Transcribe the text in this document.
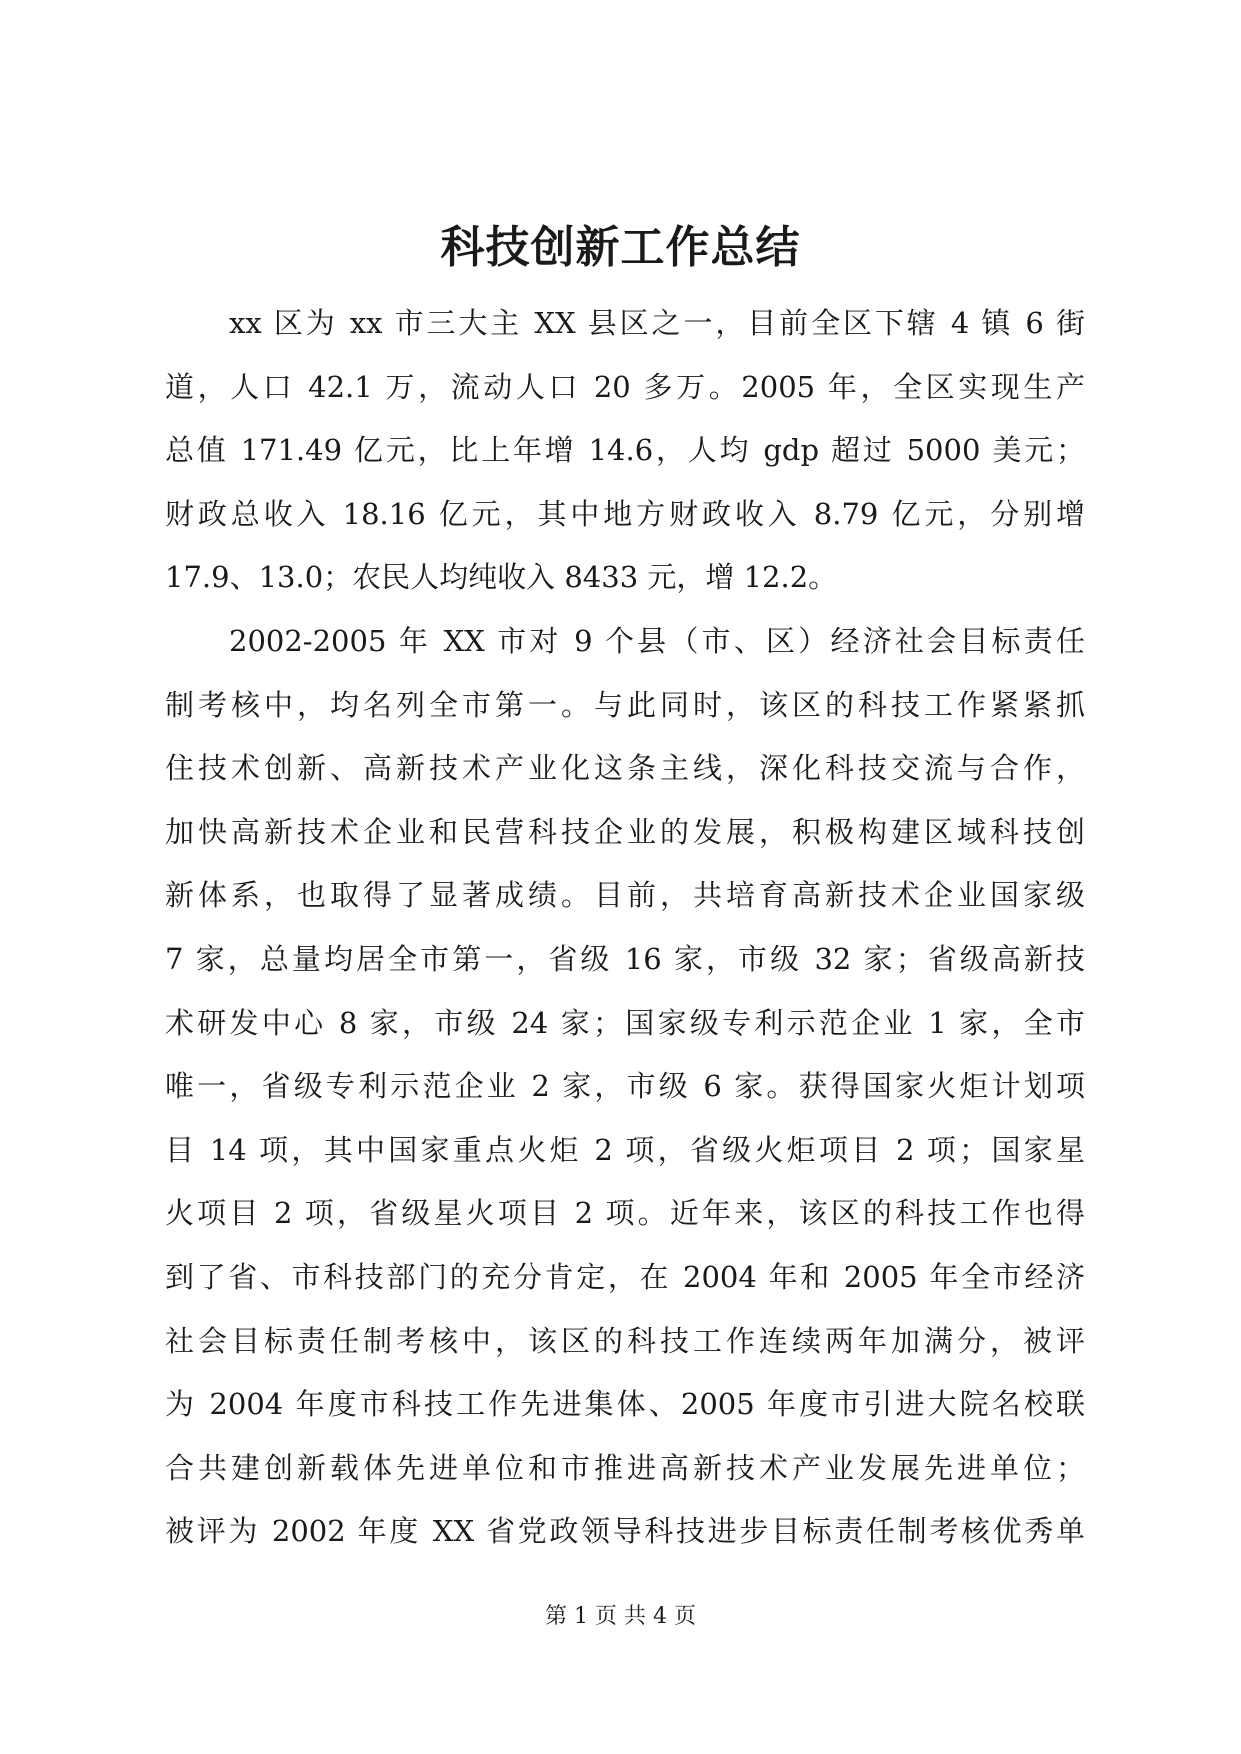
科技创新工作总结
xx 区为 xx 市三大主 XX 县区之一，目前全区下辖 4 镇 6 街
道，人口 42.1 万，流动人口 20 多万。2005 年，全区实现生产
总值 171.49 亿元，比上年增 14.6，人均 gdp 超过 5000 美元；
财政总收入 18.16 亿元，其中地方财政收入 8.79 亿元，分别增
17.9、13.0；农民人均纯收入 8433 元，增 12.2。
2002-2005 年 XX 市对 9 个县（市、区）经济社会目标责任
制考核中，均名列全市第一。与此同时，该区的科技工作紧紧抓
住技术创新、高新技术产业化这条主线，深化科技交流与合作，
加快高新技术企业和民营科技企业的发展，积极构建区域科技创
新体系，也取得了显著成绩。目前，共培育高新技术企业国家级
7 家，总量均居全市第一，省级 16 家，市级 32 家；省级高新技
术研发中心 8 家，市级 24 家；国家级专利示范企业 1 家，全市
唯一，省级专利示范企业 2 家，市级 6 家。获得国家火炬计划项
目 14 项，其中国家重点火炬 2 项，省级火炬项目 2 项；国家星
火项目 2 项，省级星火项目 2 项。近年来，该区的科技工作也得
到了省、市科技部门的充分肯定，在 2004 年和 2005 年全市经济
社会目标责任制考核中，该区的科技工作连续两年加满分，被评
为 2004 年度市科技工作先进集体、2005 年度市引进大院名校联
合共建创新载体先进单位和市推进高新技术产业发展先进单位；
被评为 2002 年度 XX 省党政领导科技进步目标责任制考核优秀单
第 1 页 共 4 页
